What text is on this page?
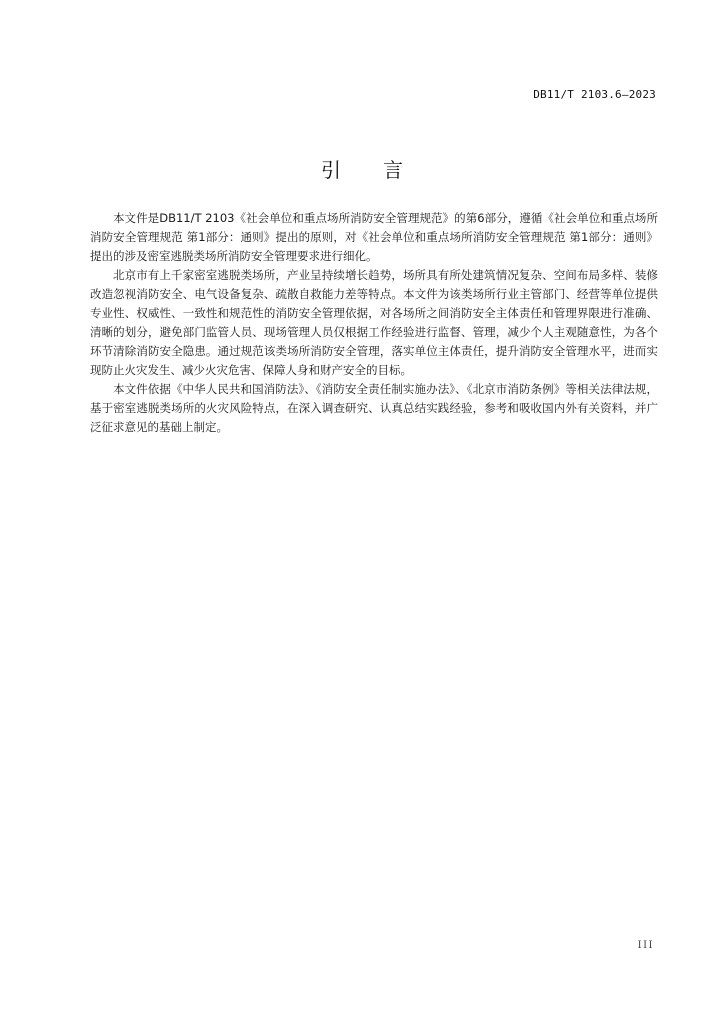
DB11/T 2103.6—2023
引言

本文件是DB11/T 2103《社会单位和重点场所消防安全管理规范》的第6部分，遵循《社会单位和重点场所消防安全管理规范 第1部分：通则》提出的原则，对《社会单位和重点场所消防安全管理规范 第1部分：通则》提出的涉及密室逃脱类场所消防安全管理要求进行细化。

北京市有上千家密室逃脱类场所，产业呈持续增长趋势，场所具有所处建筑情况复杂、空间布局多样、装修改造忽视消防安全、电气设备复杂、疏散自救能力差等特点。本文件为该类场所行业主管部门、经营等单位提供专业性、权威性、一致性和规范性的消防安全管理依据，对各场所之间消防安全主体责任和管理界限进行准确、清晰的划分，避免部门监管人员、现场管理人员仅根据工作经验进行监督、管理，减少个人主观随意性，为各个环节清除消防安全隐患。通过规范该类场所消防安全管理，落实单位主体责任，提升消防安全管理水平，进而实现防止火灾发生、减少火灾危害、保障人身和财产安全的目标。

本文件依据《中华人民共和国消防法》、《消防安全责任制实施办法》、《北京市消防条例》等相关法律法规，基于密室逃脱类场所的火灾风险特点，在深入调查研究、认真总结实践经验，参考和吸收国内外有关资料，并广泛征求意见的基础上制定。

III
